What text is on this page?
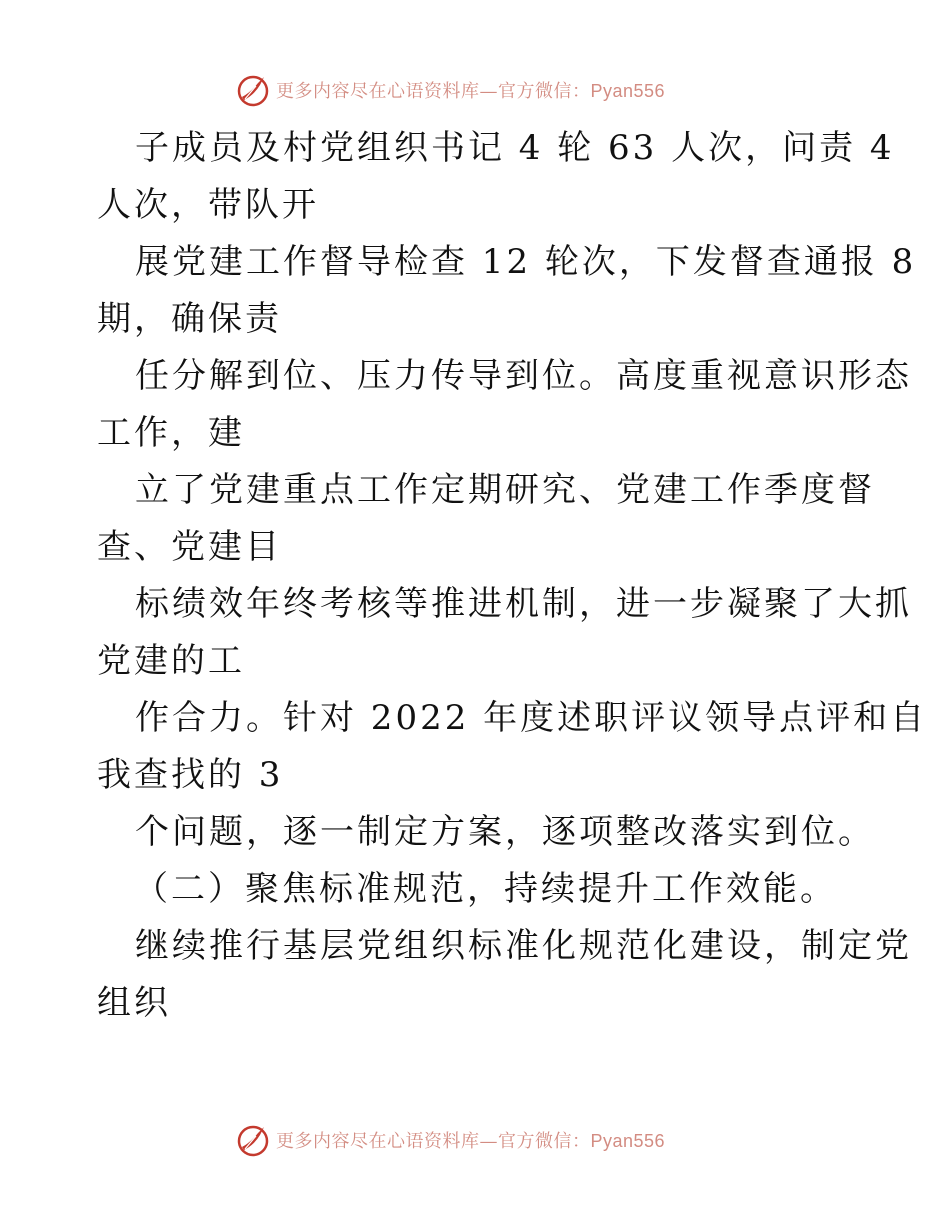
更多内容尽在心语资料库—官方微信：Pyan556
子成员及村党组织书记 4 轮 63 人次，问责 4
人次，带队开
展党建工作督导检查 12 轮次，下发督查通报 8
期，确保责
任分解到位、压力传导到位。高度重视意识形态
工作，建
立了党建重点工作定期研究、党建工作季度督
查、党建目
标绩效年终考核等推进机制，进一步凝聚了大抓
党建的工
作合力。针对 2022 年度述职评议领导点评和自
我查找的 3
个问题，逐一制定方案，逐项整改落实到位。
（二）聚焦标准规范，持续提升工作效能。
继续推行基层党组织标准化规范化建设，制定党
组织
更多内容尽在心语资料库—官方微信：Pyan556
